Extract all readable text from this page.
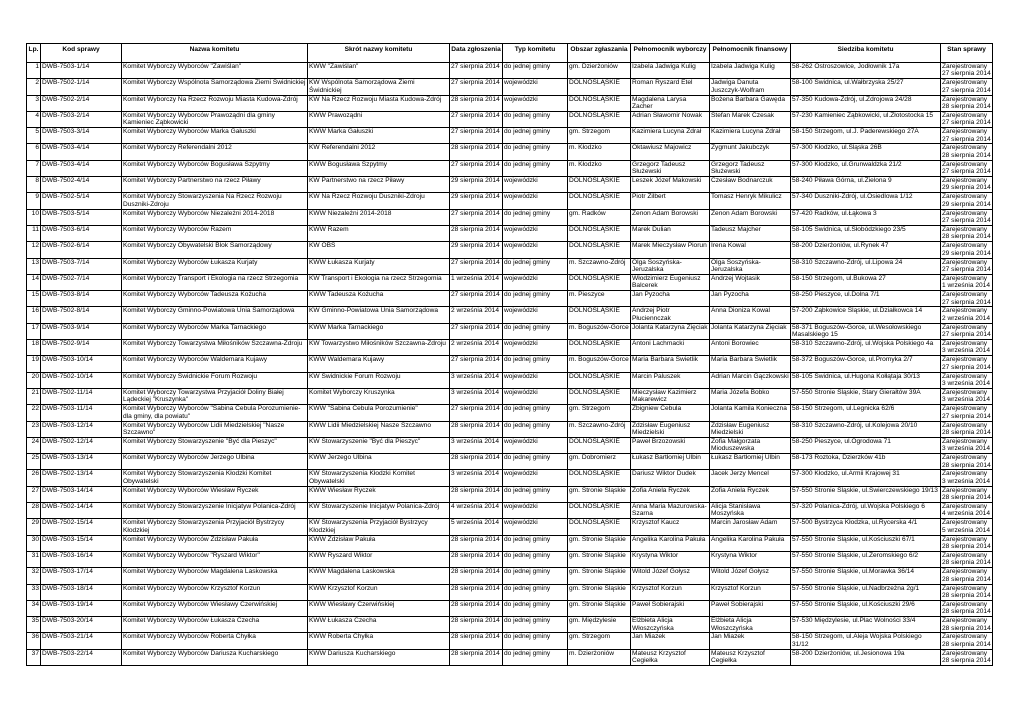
Lp.	Kod sprawy	Nazwa komitetu	Skrót nazwy komitetu	Data zgłoszenia	Typ komitetu	Obszar zgłaszania	Pełnomocnik wyborczy	Pełnomocnik finansowy	Siedziba komitetu	Stan sprawy
1	DWB-7503-1/14	Komitet Wyborczy Wyborców "Zawiślan"	KWW "Zawiślan"	27 sierpnia 2014	do jednej gminy	gm. Dzierżoniów	Izabela Jadwiga Kulig	Izabela Jadwiga Kulig	58-262 Ostroszowice, Jodłownik 17a	Zarejestrowany
27 sierpnia 2014

2	DWB-7502-1/14	Komitet Wyborczy Wspólnota Samorządowa Ziemi Świdnickiej	KW Wspólnota Samorządowa Ziemi Świdnickiej	27 sierpnia 2014	wojewódzki	DOLNOŚLĄSKIE	Roman Ryszard Etel	Jadwiga Danuta Juszczyk-Wolfram	58-100 Świdnica, ul.Wałbrzyska 25/27	Zarejestrowany
27 sierpnia 2014

3	DWB-7502-2/14	Komitet Wyborczy Na Rzecz Rozwoju Miasta Kudowa-Zdrój	KW Na Rzecz Rozwoju Miasta Kudowa-Zdrój	28 sierpnia 2014	wojewódzki	DOLNOŚLĄSKIE	Magdalena Larysa Zacher	Bożena Barbara Gawęda	57-350 Kudowa-Zdrój, ul.Zdrojowa 24/28	Zarejestrowany
28 sierpnia 2014

4	DWB-7503-2/14	Komitet Wyborczy Wyborców Prawoządni dla gminy Kamieniec Ząbkowicki	KWW Prawoządni	27 sierpnia 2014	do jednej gminy	DOLNOŚLĄSKIE	Adrian Sławomir Nowak	Stefan Marek Czesak	57-230 Kamieniec Ząbkowicki, ul.Złotostocka 15	Zarejestrowany
27 sierpnia 2014

5	DWB-7503-3/14	Komitet Wyborczy Wyborców Marka Gałuszki	KWW Marka Gałuszki	27 sierpnia 2014	do jednej gminy	gm. Strzegom	Kazimiera Lucyna Zdrał	Kazimiera Lucyna Zdrał	58-150 Strzegom, ul.J. Paderewskiego 27A	Zarejestrowany
27 sierpnia 2014

6	DWB-7503-4/14	Komitet Wyborczy Referendalni 2012	KW Referendalni 2012	28 sierpnia 2014	do jednej gminy	m. Kłodzko	Oktawiusz Majowicz	Zygmunt Jakubczyk	57-300 Kłodzko, ul.Śląska 26B	Zarejestrowany
28 sierpnia 2014

7	DWB-7503-4/14	Komitet Wyborczy Wyborców Bogusława Szpytmy	KWW Bogusława Szpytmy	27 sierpnia 2014	do jednej gminy	m. Kłodzko	Grzegorz Tadeusz Służewski	Grzegorz Tadeusz Służewski	57-300 Kłodzko, ul.Grunwaldzka 21/2	Zarejestrowany
27 sierpnia 2014

8	DWB-7502-4/14	Komitet Wyborczy Partnerstwo na rzecz Piławy	KW Partnerstwo na rzecz Piławy	29 sierpnia 2014	wojewódzki	DOLNOŚLĄSKIE	Leszek Józef Makowski	Czesław Bodnarczuk	58-240 Piława Górna, ul.Zielona 9	Zarejestrowany
29 sierpnia 2014

9	DWB-7502-5/14	Komitet Wyborczy Stowarzyszenia Na Rzecz Rozwoju Duszniki-Zdroju	KW Na Rzecz Rozwoju Duszniki-Zdroju	29 sierpnia 2014	wojewódzki	DOLNOŚLĄSKIE	Piotr Zilbert	Tomasz Henryk Mikulicz	57-340 Duszniki-Zdrój, ul.Osiedlowa 1/12	Zarejestrowany
29 sierpnia 2014

10	DWB-7503-5/14	Komitet Wyborczy Wyborców Niezależni 2014-2018	KWW Niezależni 2014-2018	27 sierpnia 2014	do jednej gminy	gm. Radków	Zenon Adam Borowski	Zenon Adam Borowski	57-420 Radków, ul.Łąkowa 3	Zarejestrowany
27 sierpnia 2014

11	DWB-7503-6/14	Komitet Wyborczy Wyborców Razem	KWW Razem	28 sierpnia 2014	wojewódzki	DOLNOŚLĄSKIE	Marek Dulian	Tadeusz Majcher	58-105 Świdnica, ul.Słobódzkiego 23/5	Zarejestrowany
28 sierpnia 2014

12	DWB-7502-6/14	Komitet Wyborczy Obywatelski Blok Samorządowy	KW OBS	29 sierpnia 2014	wojewódzki	DOLNOŚLĄSKIE	Marek Mieczysław Piorun	Irena Kowal	58-200 Dzierżoniów, ul.Rynek 47	Zarejestrowany
29 sierpnia 2014

13	DWB-7503-7/14	Komitet Wyborczy Wyborców Łukasza Kurjaty	KWW Łukasza Kurjaty	27 sierpnia 2014	do jednej gminy	m. Szczawno-Zdrój	Olga Soszyńska-Jeruzalska	Olga Soszyńska-Jeruzalska	58-310 Szczawno-Zdrój, ul.Lipowa 24	Zarejestrowany
27 sierpnia 2014

14	DWB-7502-7/14	Komitet Wyborczy Transport i Ekologia na rzecz Strzegomia	KW Transport i Ekologia na rzecz Strzegomia	1 września 2014	wojewódzki	DOLNOŚLĄSKIE	Włodzimierz Eugeniusz Balcerek	Andrzej Wojtasik	58-150 Strzegom, ul.Bukowa 27	Zarejestrowany
1 września 2014

15	DWB-7503-8/14	Komitet Wyborczy Wyborców Tadeusza Kożucha	KWW Tadeusza Kożucha	27 sierpnia 2014	do jednej gminy	m. Pieszyce	Jan Pyzocha	Jan Pyzocha	58-250 Pieszyce, ul.Dolna 7/1	Zarejestrowany
27 sierpnia 2014

16	DWB-7502-8/14	Komitet Wyborczy Gminno-Powiatowa Unia Samorządowa	KW Gminno-Powiatowa Unia Samorządowa	2 września 2014	wojewódzki	DOLNOŚLĄSKIE	Andrzej Piotr Płuciennczak	Anna Dioniza Kowal	57-200 Ząbkowice Śląskie, ul.Działkowca 14	Zarejestrowany
2 września 2014

17	DWB-7503-9/14	Komitet Wyborczy Wyborców Marka Tarnackiego	KWW Marka Tarnackiego	27 sierpnia 2014	do jednej gminy	m. Boguszów-Gorce	Jolanta Katarzyna Zięciak	Jolanta Katarzyna Zięciak	58-371 Boguszów-Gorce, ul.Wesołowskiego Masalskiego 15	Zarejestrowany
27 sierpnia 2014

18	DWB-7502-9/14	Komitet Wyborczy Towarzystwa Miłośników Szczawna-Zdroju	KW Towarzystwo Miłośników Szczawna-Zdroju	2 września 2014	wojewódzki	DOLNOŚLĄSKIE	Antoni Lachmacki	Antoni Borowiec	58-310 Szczawno-Zdrój, ul.Wojska Polskiego 4a	Zarejestrowany
3 września 2014

19	DWB-7503-10/14	Komitet Wyborczy Wyborców Waldemara Kujawy	KWW Waldemara Kujawy	27 sierpnia 2014	do jednej gminy	m. Boguszów-Gorce	Maria Barbara Świetlik	Maria Barbara Świetlik	58-372 Boguszów-Gorce, ul.Promyka 2/7	Zarejestrowany
27 sierpnia 2014

20	DWB-7502-10/14	Komitet Wyborczy Świdnickie Forum Rozwoju	KW Świdnickie Forum Rozwoju	3 września 2014	wojewódzki	DOLNOŚLĄSKIE	Marcin Paluszek	Adrian Marcin Gączkowski	58-105 Świdnica, ul.Hugona Kołłątaja 30/13	Zarejestrowany
3 września 2014

21	DWB-7502-11/14	Komitet Wyborczy Towarzystwa Przyjaciół Doliny Białej Lądeckiej "Kruszynka"	Komitet Wyborczy Kruszynka	3 września 2014	wojewódzki	DOLNOŚLĄSKIE	Mieczysław Kazimierz Makarewicz	Maria Józefa Bobko	57-550 Stronie Śląskie, Stary Gierałtów 39A	Zarejestrowany
3 września 2014

22	DWB-7503-11/14	Komitet Wyborczy Wyborców "Sabina Cebula Porozumienie-dla gminy, dla powiatu"	KWW "Sabina Cebula Porozumienie"	27 sierpnia 2014	do jednej gminy	gm. Strzegom	Zbigniew Cebula	Jolanta Kamila Konieczna	58-150 Strzegom, ul.Legnicka 62/6	Zarejestrowany
27 sierpnia 2014

23	DWB-7503-12/14	Komitet Wyborczy Wyborców Lidii Miedzielskiej "Nasze Szczawno"	KWW Lidii Miedzielskiej Nasze Szczawno	28 sierpnia 2014	do jednej gminy	m. Szczawno-Zdrój	Zdzisław Eugeniusz Miedzielski	Zdzisław Eugeniusz Miedzielski	58-310 Szczawno-Zdrój, ul.Kolejowa 20/10	Zarejestrowany
28 sierpnia 2014

24	DWB-7502-12/14	Komitet Wyborczy Stowarzyszenie "Być dla Pieszyc"	KW Stowarzyszenie "Być dla Pieszyc"	3 września 2014	wojewódzki	DOLNOŚLĄSKIE	Paweł Brzozowski	Zofia Małgorzata Mioduszewska	58-250 Pieszyce, ul.Ogrodowa 71	Zarejestrowany
3 września 2014

25	DWB-7503-13/14	Komitet Wyborczy Wyborców Jerzego Ulbina	KWW Jerzego Ulbina	28 sierpnia 2014	do jednej gminy	gm. Dobromierz	Łukasz Bartłomiej Ulbin	Łukasz Bartłomiej Ulbin	58-173 Roztoka, Dzierzków 41b	Zarejestrowany
28 sierpnia 2014

26	DWB-7502-13/14	Komitet Wyborczy Stowarzyszenia Kłodzki Komitet Obywatelski	KW Stowarzyszenia Kłodzki Komitet Obywatelski	3 września 2014	wojewódzki	DOLNOŚLĄSKIE	Dariusz Wiktor Dudek	Jacek Jerzy Mencel	57-300 Kłodzko, ul.Armii Krajowej 31	Zarejestrowany
3 września 2014

27	DWB-7503-14/14	Komitet Wyborczy Wyborców Wiesław Ryczek	KWW Wiesław Ryczek	28 sierpnia 2014	do jednej gminy	gm. Stronie Śląskie	Zofia Aniela Ryczek	Zofia Aniela Ryczek	57-550 Stronie Śląskie, ul.Swierczewskiego 19/13	Zarejestrowany
28 sierpnia 2014

28	DWB-7502-14/14	Komitet Wyborczy Stowarzyszenie Inicjatyw Polanica-Zdrój	KW Stowarzyszenie Inicjatyw Polanica-Zdrój	4 września 2014	wojewódzki	DOLNOŚLĄSKIE	Anna Maria Mazurowska-Szarna	Alicja Stanisława Moszyńska	57-320 Polanica-Zdrój, ul.Wojska Polskiego 6	Zarejestrowany
4 września 2014

29	DWB-7502-15/14	Komitet Wyborczy Stowarzyszenia Przyjaciół Bystrzycy Kłodzkiej	KW Stowarzyszenia Przyjaciół Bystrzycy Kłodzkiej	5 września 2014	wojewódzki	DOLNOŚLĄSKIE	Krzysztof Kaucz	Marcin Jarosław Adam	57-500 Bystrzyca Kłodzka, ul.Rycerska 4/1	Zarejestrowany
5 września 2014

30	DWB-7503-15/14	Komitet Wyborczy Wyborców Zdzisław Pakuła	KWW Zdzisław Pakuła	28 sierpnia 2014	do jednej gminy	gm. Stronie Śląskie	Angelika Karolina Pakuła	Angelika Karolina Pakuła	57-550 Stronie Śląskie, ul.Kościuszki 67/1	Zarejestrowany
28 sierpnia 2014

31	DWB-7503-16/14	Komitet Wyborczy Wyborców "Ryszard Wiktor"	KWW Ryszard Wiktor	28 sierpnia 2014	do jednej gminy	gm. Stronie Śląskie	Krystyna Wiktor	Krystyna Wiktor	57-550 Stronie Śląskie, ul.Zeromskiego 6/2	Zarejestrowany
28 sierpnia 2014

32	DWB-7503-17/14	Komitet Wyborczy Wyborców Magdalena Laskowska	KWW Magdalena Laskowska	28 sierpnia 2014	do jednej gminy	gm. Stronie Śląskie	Witold Józef Gołysz	Witold Józef Gołysz	57-550 Stronie Śląskie, ul.Morawka 36/14	Zarejestrowany
28 sierpnia 2014

33	DWB-7503-18/14	Komitet Wyborczy Wyborców Krzysztof Korzun	KWW Krzysztof Korzun	28 sierpnia 2014	do jednej gminy	gm. Stronie Śląskie	Krzysztof Korzun	Krzysztof Korzun	57-550 Stronie Śląskie, ul.Nadbrzeżna 2g/1	Zarejestrowany
28 sierpnia 2014

34	DWB-7503-19/14	Komitet Wyborczy Wyborców Wiesławy Czerwińskiej	KWW Wiesławy Czerwińskiej	28 sierpnia 2014	do jednej gminy	gm. Stronie Śląskie	Paweł Sobierajski	Paweł Sobierajski	57-550 Stronie Śląskie, ul.Kościuszki 29/6	Zarejestrowany
28 sierpnia 2014

35	DWB-7503-20/14	Komitet Wyborczy Wyborców Łukasza Czecha	KWW Łukasza Czecha	28 sierpnia 2014	do jednej gminy	gm. Międzylesie	Elżbieta Alicja Włoszczyńska	Elżbieta Alicja Włoszczyńska	57-530 Międzylesie, ul.Plac Wolności 33/4	Zarejestrowany
28 sierpnia 2014

36	DWB-7503-21/14	Komitet Wyborczy Wyborców Roberta Chyłka	KWW Roberta Chyłka	28 sierpnia 2014	do jednej gminy	gm. Strzegom	Jan Miazek	Jan Miazek	58-150 Strzegom, ul.Aleja Wojska Polskiego 31/12	Zarejestrowany
28 sierpnia 2014

37	DWB-7503-22/14	Komitet Wyborczy Wyborców Dariusza Kucharskiego	KWW Dariusza Kucharskiego	28 sierpnia 2014	do jednej gminy	m. Dzierżoniów	Mateusz Krzysztof Cegiełka	Mateusz Krzysztof Cegiełka	58-200 Dzierżoniów, ul.Jesionowa 19a	Zarejestrowany
28 sierpnia 2014
